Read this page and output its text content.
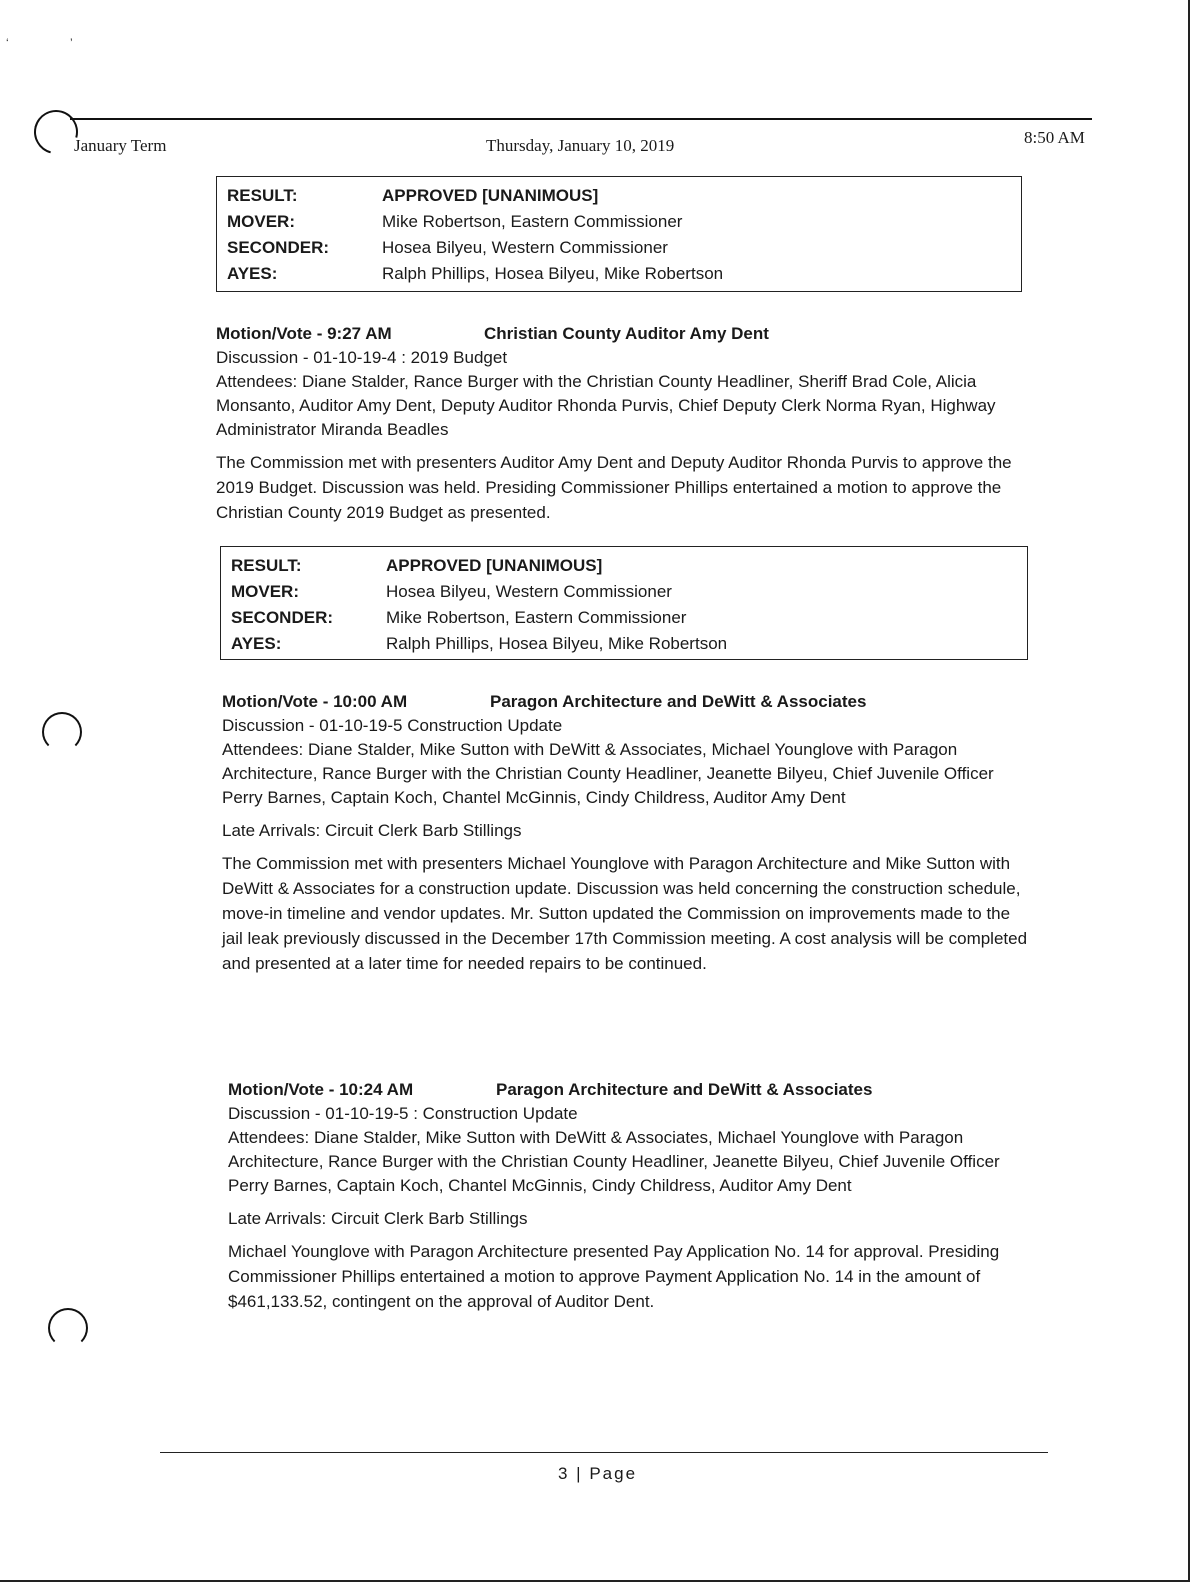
‘	’
January Term	Thursday, January 10, 2019	8:50 AM
RESULT:	APPROVED [UNANIMOUS]
MOVER:	Mike Robertson, Eastern Commissioner
SECONDER:	Hosea Bilyeu, Western Commissioner
AYES:	Ralph Phillips, Hosea Bilyeu, Mike Robertson
Motion/Vote - 9:27 AM	Christian County Auditor Amy Dent
Discussion - 01-10-19-4 : 2019 Budget
Attendees: Diane Stalder, Rance Burger with the Christian County Headliner, Sheriff Brad Cole, Alicia Monsanto, Auditor Amy Dent, Deputy Auditor Rhonda Purvis, Chief Deputy Clerk Norma Ryan, Highway Administrator Miranda Beadles
The Commission met with presenters Auditor Amy Dent and Deputy Auditor Rhonda Purvis to approve the 2019 Budget. Discussion was held. Presiding Commissioner Phillips entertained a motion to approve the Christian County 2019 Budget as presented.
RESULT:	APPROVED [UNANIMOUS]
MOVER:	Hosea Bilyeu, Western Commissioner
SECONDER:	Mike Robertson, Eastern Commissioner
AYES:	Ralph Phillips, Hosea Bilyeu, Mike Robertson
Motion/Vote - 10:00 AM	Paragon Architecture and DeWitt & Associates
Discussion - 01-10-19-5 Construction Update
Attendees: Diane Stalder, Mike Sutton with DeWitt & Associates, Michael Younglove with Paragon Architecture, Rance Burger with the Christian County Headliner, Jeanette Bilyeu, Chief Juvenile Officer Perry Barnes, Captain Koch, Chantel McGinnis, Cindy Childress, Auditor Amy Dent
Late Arrivals: Circuit Clerk Barb Stillings
The Commission met with presenters Michael Younglove with Paragon Architecture and Mike Sutton with DeWitt & Associates for a construction update. Discussion was held concerning the construction schedule, move-in timeline and vendor updates. Mr. Sutton updated the Commission on improvements made to the jail leak previously discussed in the December 17th Commission meeting. A cost analysis will be completed and presented at a later time for needed repairs to be continued.
Motion/Vote - 10:24 AM	Paragon Architecture and DeWitt & Associates
Discussion - 01-10-19-5 : Construction Update
Attendees: Diane Stalder, Mike Sutton with DeWitt & Associates, Michael Younglove with Paragon Architecture, Rance Burger with the Christian County Headliner, Jeanette Bilyeu, Chief Juvenile Officer Perry Barnes, Captain Koch, Chantel McGinnis, Cindy Childress, Auditor Amy Dent
Late Arrivals: Circuit Clerk Barb Stillings
Michael Younglove with Paragon Architecture presented Pay Application No. 14 for approval. Presiding Commissioner Phillips entertained a motion to approve Payment Application No. 14 in the amount of $461,133.52, contingent on the approval of Auditor Dent.
3 | Page
